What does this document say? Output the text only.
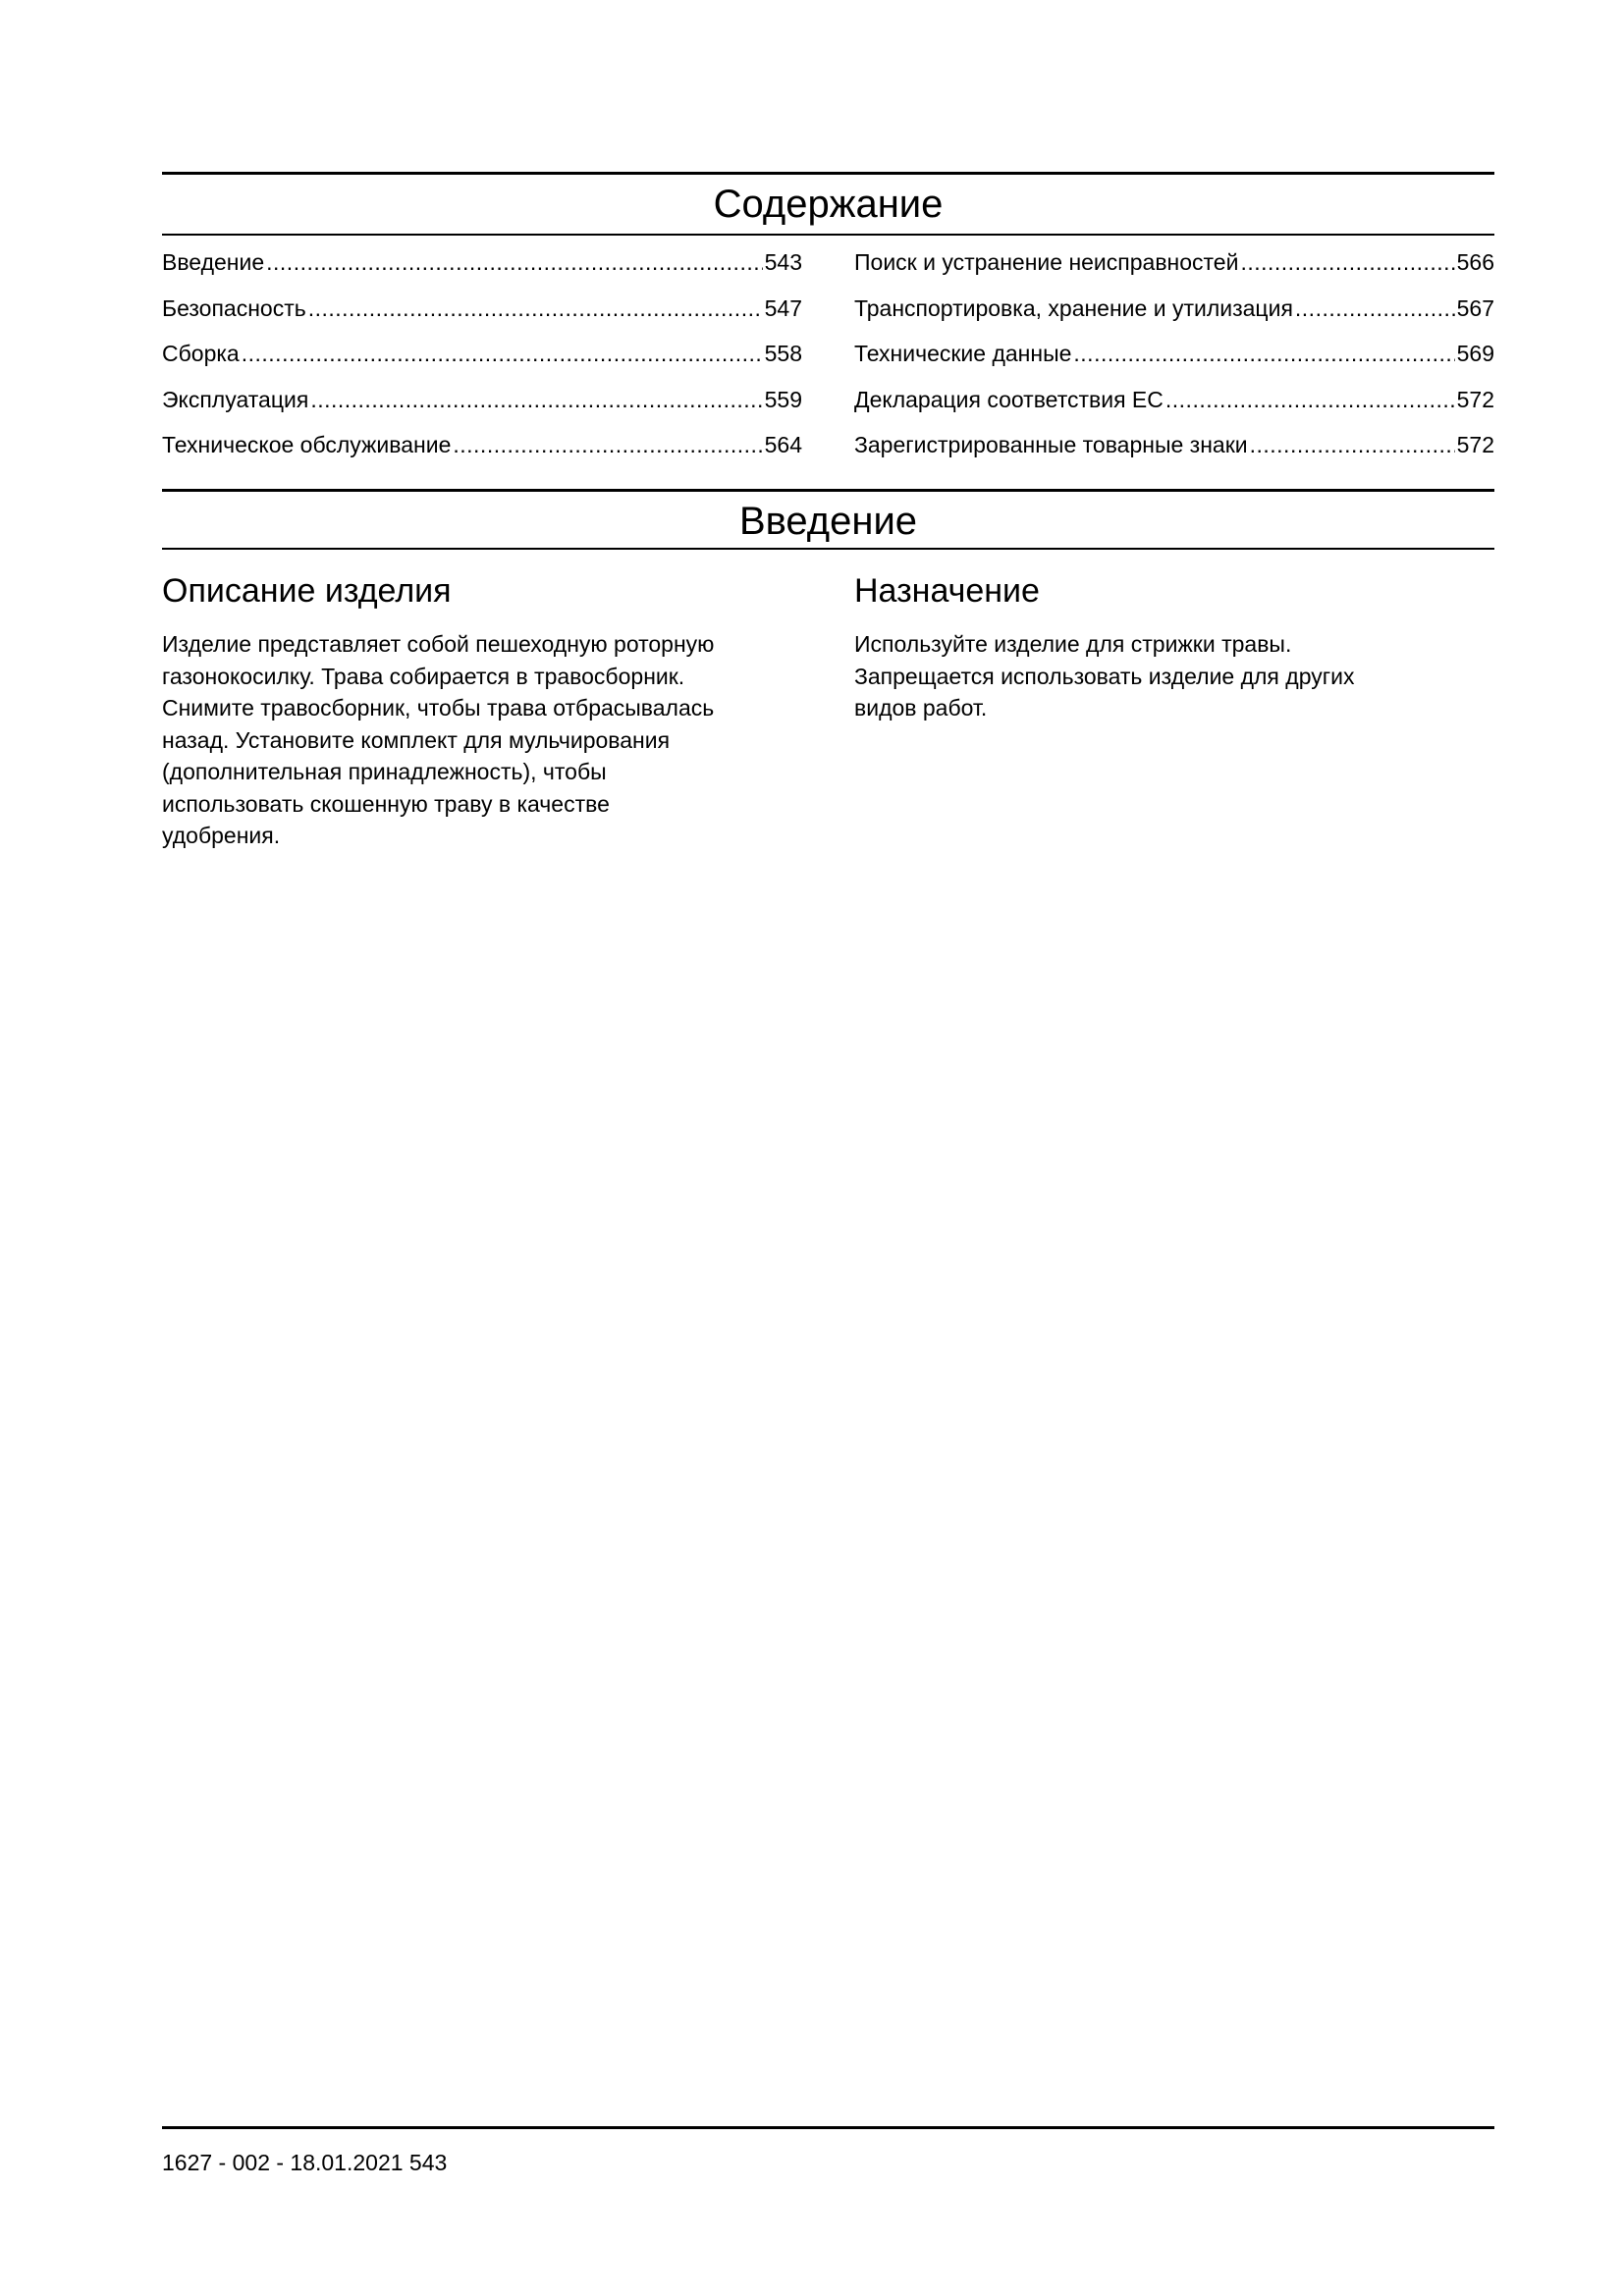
Содержание
Введение .....	543
Безопасность .....	547
Сборка .....	558
Эксплуатация .....	559
Техническое обслуживание .....	564
Поиск и устранение неисправностей .....	566
Транспортировка, хранение и утилизация .....	567
Технические данные .....	569
Декларация соответствия ЕС .....	572
Зарегистрированные товарные знаки .....	572
Введение
Описание изделия
Изделие представляет собой пешеходную роторную
газонокосилку. Трава собирается в травосборник.
Снимите травосборник, чтобы трава отбрасывалась
назад. Установите комплект для мульчирования
(дополнительная принадлежность), чтобы
использовать скошенную траву в качестве
удобрения.
Назначение
Используйте изделие для стрижки травы.
Запрещается использовать изделие для других
видов работ.
1627 - 002 - 18.01.2021 543
